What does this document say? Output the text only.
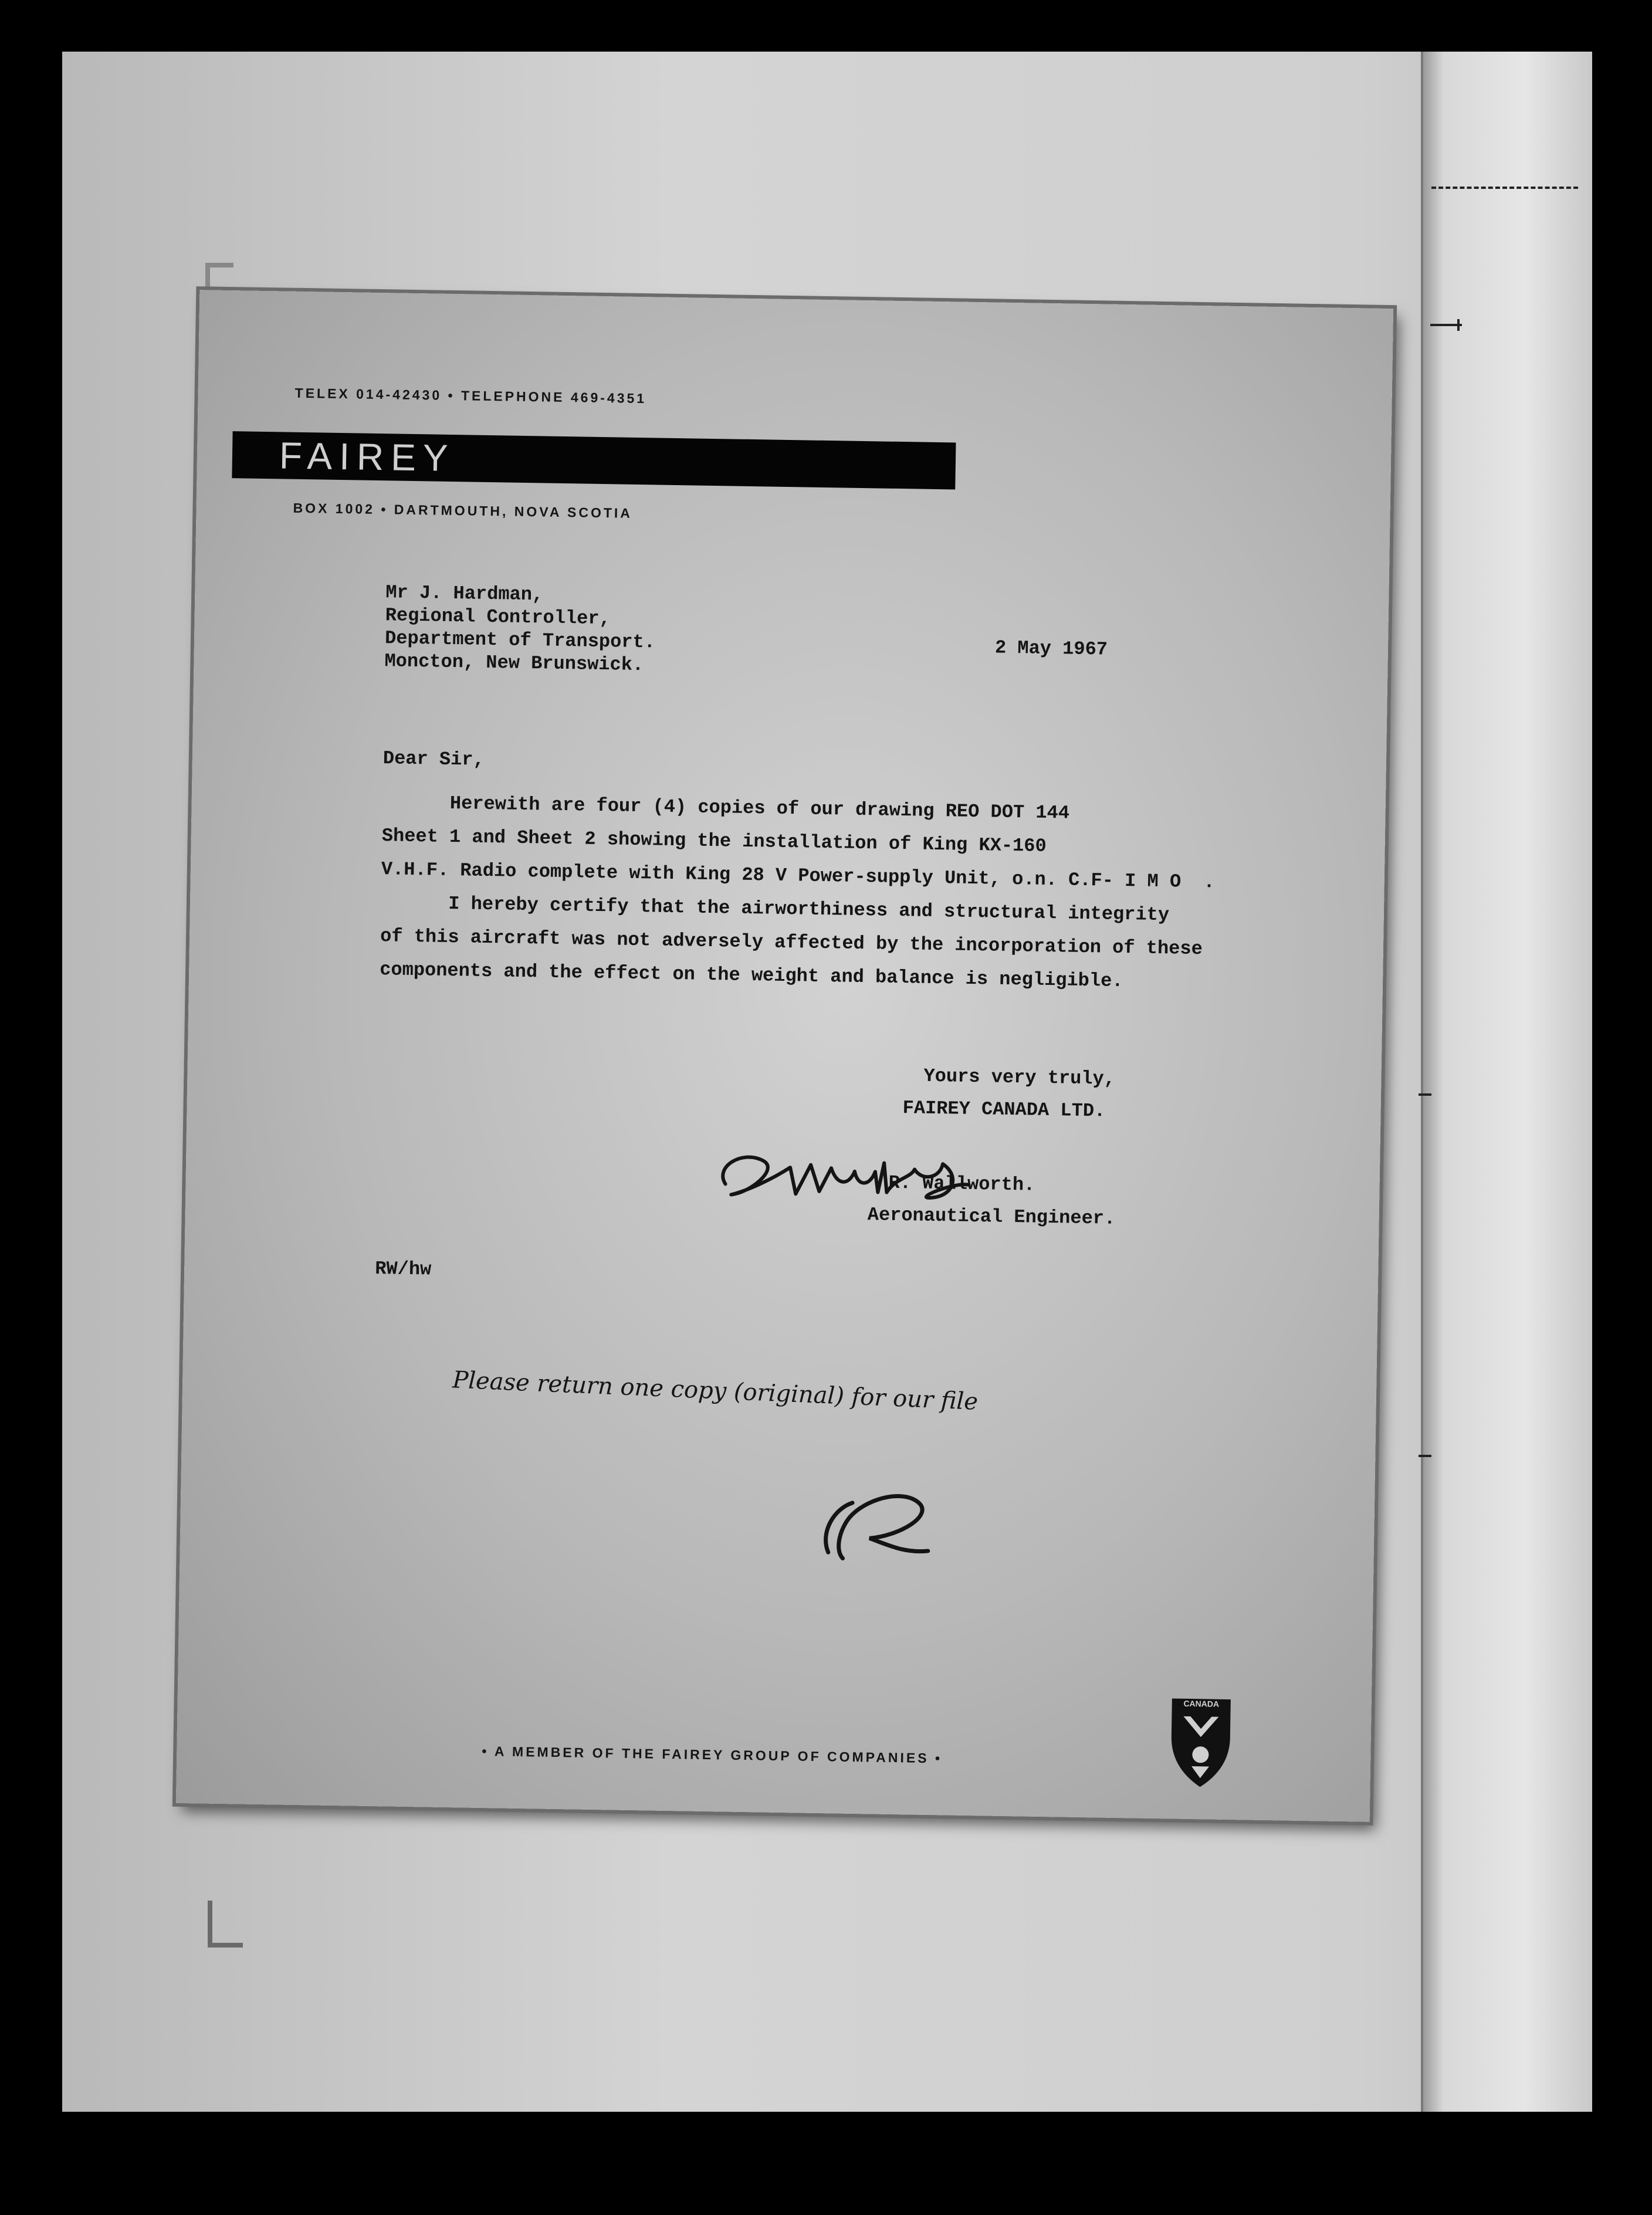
TELEX 014-42430 • TELEPHONE 469-4351
FAIREY
BOX 1002 • DARTMOUTH, NOVA SCOTIA
Mr J. Hardman,
Regional Controller,
Department of Transport.
Moncton, New Brunswick.
2 May 1967
Dear Sir,
Herewith are four (4) copies of our drawing REO DOT 144
Sheet 1 and Sheet 2 showing the installation of King KX-160
V.H.F. Radio complete with King 28 V Power-supply Unit, o.n. C.F- I M O  .
I hereby certify that the airworthiness and structural integrity
of this aircraft was not adversely affected by the incorporation of these
components and the effect on the weight and balance is negligible.
Yours very truly,
FAIREY CANADA LTD.
R. Wallworth.
Aeronautical Engineer.
RW/hw
Please return one copy (original) for our file
• A MEMBER OF THE FAIREY GROUP OF COMPANIES •
CANADA
